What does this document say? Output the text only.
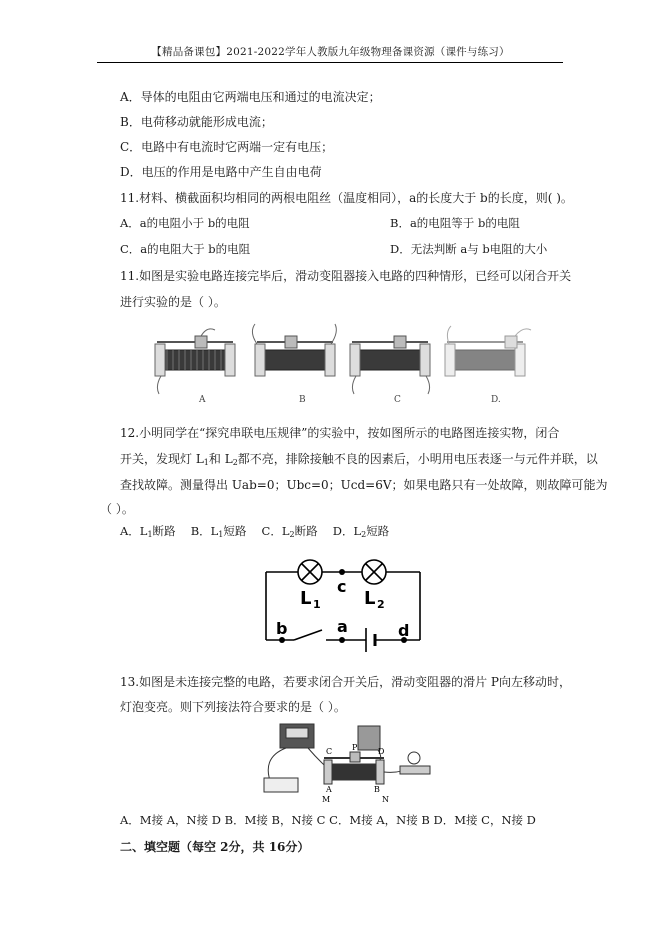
【精品备课包】2021-2022学年人教版九年级物理备课资源（课件与练习）
A．导体的电阻由它两端电压和通过的电流决定；
B．电荷移动就能形成电流；
C．电路中有电流时它两端一定有电压；
D．电压的作用是电路中产生自由电荷
11.材料、横截面积均相同的两根电阻丝（温度相同），a的长度大于 b的长度，则( )。
A．a的电阻小于 b的电阻	B．a的电阻等于 b的电阻
C．a的电阻大于 b的电阻	D．无法判断 a与 b电阻的大小
11.如图是实验电路连接完毕后，滑动变阻器接入电路的四种情形，已经可以闭合开关
进行实验的是（ ）。
A	B	C	D.
12.小明同学在“探究串联电压规律”的实验中，按如图所示的电路图连接实物，闭合
开关，发现灯 $L_1$和 $L_2$都不亮，排除接触不良的因素后，小明用电压表逐一与元件并联，以
查找故障。测量得出 Uab=0；Ubc=0；Ucd=6V；如果电路只有一处故障，则故障可能为
（ ）。
A．$L_1$断路  B．$L_1$短路  C．$L_2$断路  D．$L_2$短路
L 1 L 2
c
b	a	d
13.如图是未连接完整的电路，若要求闭合开关后，滑动变阻器的滑片 P向左移动时，
灯泡变亮。则下列接法符合要求的是（ ）。
P
C	D
A	B
M	N
A．M接 A，N接 D B．M接 B，N接 C C．M接 A，N接 B D．M接 C，N接 D
二、填空题（每空 2分，共 16分）
